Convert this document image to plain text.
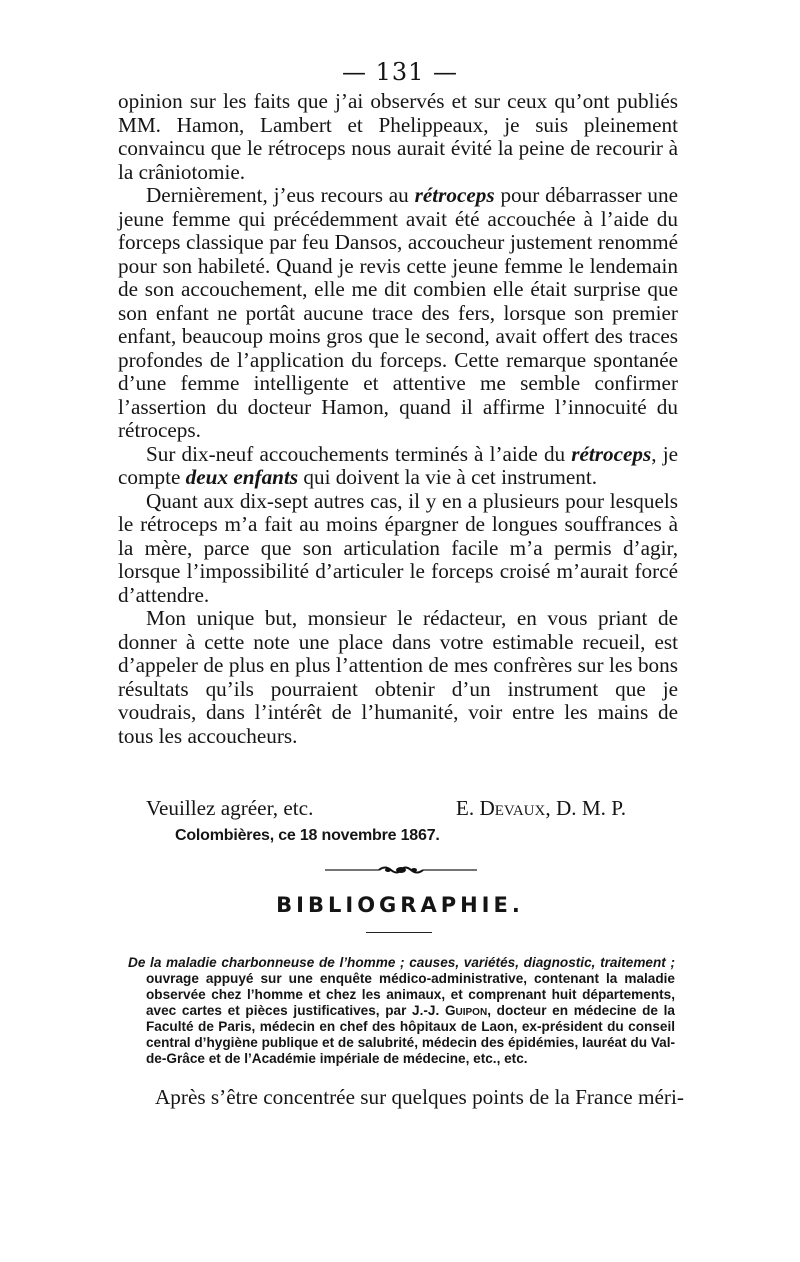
— 131 —

opinion sur les faits que j’ai observés et sur ceux qu’ont publiés MM. Hamon, Lambert et Phelippeaux, je suis pleinement convaincu que le rétroceps nous aurait évité la peine de recourir à la crâniotomie.

Dernièrement, j’eus recours au rétroceps pour débarrasser une jeune femme qui précédemment avait été accouchée à l’aide du forceps classique par feu Dansos, accoucheur justement renommé pour son habileté. Quand je revis cette jeune femme le lendemain de son accouchement, elle me dit combien elle était surprise que son enfant ne portât aucune trace des fers, lorsque son premier enfant, beaucoup moins gros que le second, avait offert des traces profondes de l’application du forceps. Cette remarque spontanée d’une femme intelligente et attentive me semble confirmer l’assertion du docteur Hamon, quand il affirme l’innocuité du rétroceps.

Sur dix-neuf accouchements terminés à l’aide du rétroceps, je compte deux enfants qui doivent la vie à cet instrument.

Quant aux dix-sept autres cas, il y en a plusieurs pour lesquels le rétroceps m’a fait au moins épargner de longues souffrances à la mère, parce que son articulation facile m’a permis d’agir, lorsque l’impossibilité d’articuler le forceps croisé m’aurait forcé d’attendre.

Mon unique but, monsieur le rédacteur, en vous priant de donner à cette note une place dans votre estimable recueil, est d’appeler de plus en plus l’attention de mes confrères sur les bons résultats qu’ils pourraient obtenir d’un instrument que je voudrais, dans l’intérêt de l’humanité, voir entre les mains de tous les accoucheurs.

Veuillez agréer, etc.	E. Devaux, D. M. P.
Colombières, ce 18 novembre 1867.
BIBLIOGRAPHIE.
De la maladie charbonneuse de l’homme ; causes, variétés, diagnostic, traitement ; ouvrage appuyé sur une enquête médico-administrative, contenant la maladie observée chez l’homme et chez les animaux, et comprenant huit départements, avec cartes et pièces justificatives, par J.-J. Guipon, docteur en médecine de la Faculté de Paris, médecin en chef des hôpitaux de Laon, ex-président du conseil central d’hygiène publique et de salubrité, médecin des épidémies, lauréat du Val-de-Grâce et de l’Académie impériale de médecine, etc., etc.
Après s’être concentrée sur quelques points de la France méri-
